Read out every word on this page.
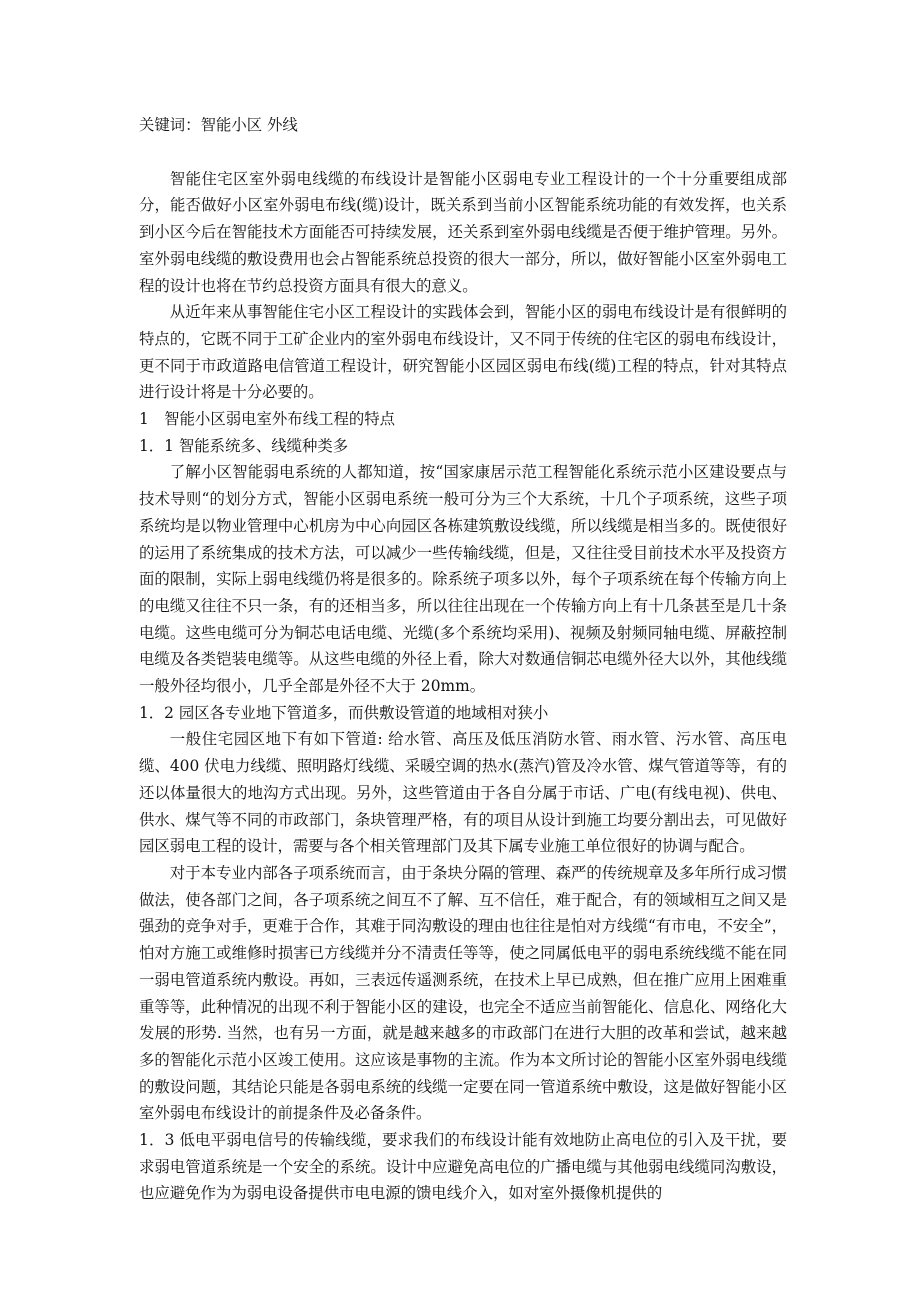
关键词：智能小区 外线

智能住宅区室外弱电线缆的布线设计是智能小区弱电专业工程设计的一个十分重要组成部分，能否做好小区室外弱电布线(缆)设计，既关系到当前小区智能系统功能的有效发挥，也关系到小区今后在智能技术方面能否可持续发展，还关系到室外弱电线缆是否便于维护管理。另外。室外弱电线缆的敷设费用也会占智能系统总投资的很大一部分，所以，做好智能小区室外弱电工程的设计也将在节约总投资方面具有很大的意义。

从近年来从事智能住宅小区工程设计的实践体会到，智能小区的弱电布线设计是有很鲜明的特点的，它既不同于工矿企业内的室外弱电布线设计，又不同于传统的住宅区的弱电布线设计，更不同于市政道路电信管道工程设计，研究智能小区园区弱电布线(缆)工程的特点，针对其特点进行设计将是十分必要的。

1　智能小区弱电室外布线工程的特点

1．1 智能系统多、线缆种类多

了解小区智能弱电系统的人都知道，按“国家康居示范工程智能化系统示范小区建设要点与技术导则“的划分方式，智能小区弱电系统一般可分为三个大系统，十几个子项系统，这些子项系统均是以物业管理中心机房为中心向园区各栋建筑敷设线缆，所以线缆是相当多的。既使很好的运用了系统集成的技术方法，可以减少一些传输线缆，但是，又往往受目前技术水平及投资方面的限制，实际上弱电线缆仍将是很多的。除系统子项多以外，每个子项系统在每个传输方向上的电缆又往往不只一条，有的还相当多，所以往往出现在一个传输方向上有十几条甚至是几十条电缆。这些电缆可分为铜芯电话电缆、光缆(多个系统均采用)、视频及射频同轴电缆、屏蔽控制电缆及各类铠装电缆等。从这些电缆的外径上看，除大对数通信铜芯电缆外径大以外，其他线缆一般外径均很小，几乎全部是外径不大于 20mm。

1．2 园区各专业地下管道多，而供敷设管道的地域相对狭小

一般住宅园区地下有如下管道: 给水管、高压及低压消防水管、雨水管、污水管、高压电缆、400 伏电力线缆、照明路灯线缆、采暖空调的热水(蒸汽)管及冷水管、煤气管道等等，有的还以体量很大的地沟方式出现。另外，这些管道由于各自分属于市话、广电(有线电视)、供电、供水、煤气等不同的市政部门，条块管理严格，有的项目从设计到施工均要分割出去，可见做好园区弱电工程的设计，需要与各个相关管理部门及其下属专业施工单位很好的协调与配合。

对于本专业内部各子项系统而言，由于条块分隔的管理、森严的传统规章及多年所行成习惯做法，使各部门之间，各子项系统之间互不了解、互不信任，难于配合，有的领域相互之间又是强劲的竞争对手，更难于合作，其难于同沟敷设的理由也往往是怕对方线缆“有市电，不安全”，怕对方施工或维修时损害已方线缆并分不清责任等等，使之同属低电平的弱电系统线缆不能在同一弱电管道系统内敷设。再如，三表远传遥测系统，在技术上早已成熟，但在推广应用上困难重重等等，此种情况的出现不利于智能小区的建设，也完全不适应当前智能化、信息化、网络化大发展的形势. 当然，也有另一方面，就是越来越多的市政部门在进行大胆的改革和尝试，越来越多的智能化示范小区竣工使用。这应该是事物的主流。作为本文所讨论的智能小区室外弱电线缆的敷设问题，其结论只能是各弱电系统的线缆一定要在同一管道系统中敷设，这是做好智能小区室外弱电布线设计的前提条件及必备条件。

1．3 低电平弱电信号的传输线缆，要求我们的布线设计能有效地防止高电位的引入及干扰，要求弱电管道系统是一个安全的系统。设计中应避免高电位的广播电缆与其他弱电线缆同沟敷设，也应避免作为为弱电设备提供市电电源的馈电线介入，如对室外摄像机提供的
